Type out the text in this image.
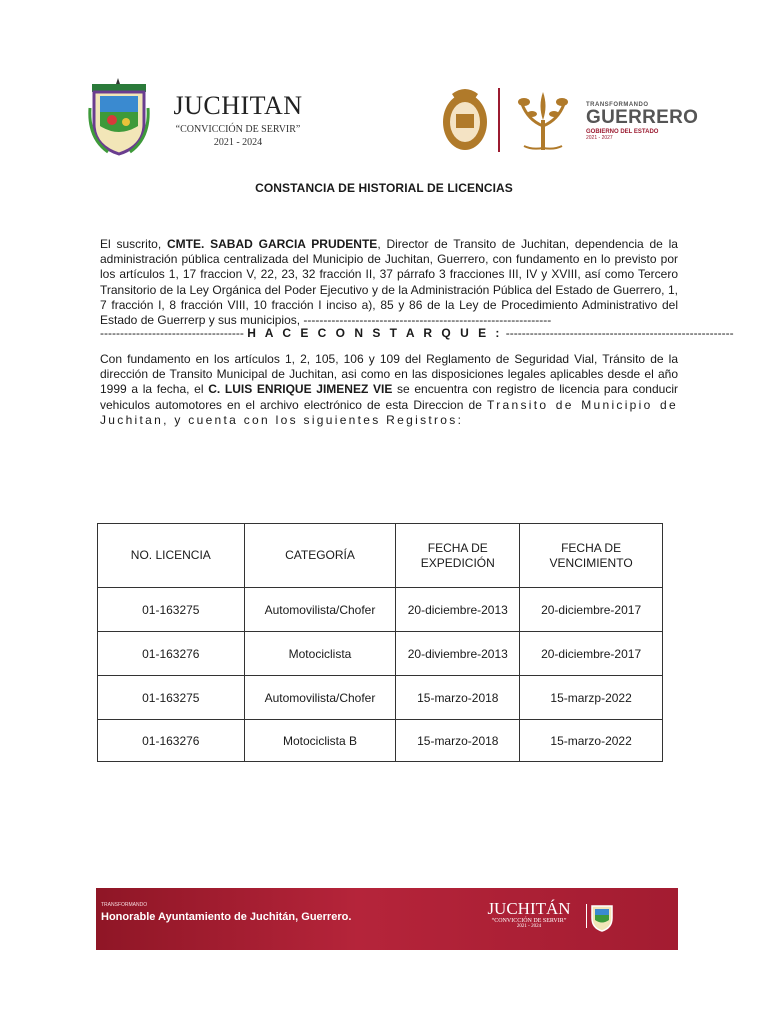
JUCHITAN
“CONVICCIÓN DE SERVIR”
2021 - 2024
TRANSFORMANDO
GUERRERO
GOBIERNO DEL ESTADO
2021 - 2027
CONSTANCIA DE HISTORIAL DE LICENCIAS
El suscrito, CMTE. SABAD GARCIA PRUDENTE, Director de Transito de Juchitan, dependencia de la administración pública centralizada del Municipio de Juchitan, Guerrero, con fundamento en lo previsto por los artículos 1, 17 fraccion V, 22, 23, 32 fracción II, 37 párrafo 3 fracciones III, IV y XVIII, así como Tercero Transitorio de la Ley Orgánica del Poder Ejecutivo y de la Administración Pública del Estado de Guerrero, 1, 7 fracción I, 8 fracción VIII, 10 fracción I inciso a), 85 y 86 de la Ley de Procedimiento Administrativo del Estado de Guerrerp y sus municipios, --------------------------------------------------------------
------------------------------------ H A C E C O N S T A R Q U E : ---------------------------------------------------------
Con fundamento en los artículos 1, 2, 105, 106 y 109 del Reglamento de Seguridad Vial, Tránsito de la dirección de Transito Municipal de Juchitan, asi como en las disposiciones legales aplicables desde el año 1999 a la fecha, el C. LUIS ENRIQUE JIMENEZ VIE se encuentra con registro de licencia para conducir vehiculos automotores en el archivo electrónico de esta Direccion de Transito de Municipio de Juchitan, y cuenta con los siguientes Registros:
NO. LICENCIA	CATEGORÍA	FECHA DE EXPEDICIÓN	FECHA DE VENCIMIENTO

01-163275	Automovilista/Chofer	20-diciembre-2013	20-diciembre-2017
01-163276	Motociclista	20-diviembre-2013	20-diciembre-2017
01-163275	Automovilista/Chofer	15-marzo-2018	15-marzp-2022
01-163276	Motociclista B	15-marzo-2018	15-marzo-2022
TRANSFORMANDO
Honorable Ayuntamiento de Juchitán, Guerrero.	JUCHITÁN
“CONVICCIÓN DE SERVIR”
2021 - 2024
